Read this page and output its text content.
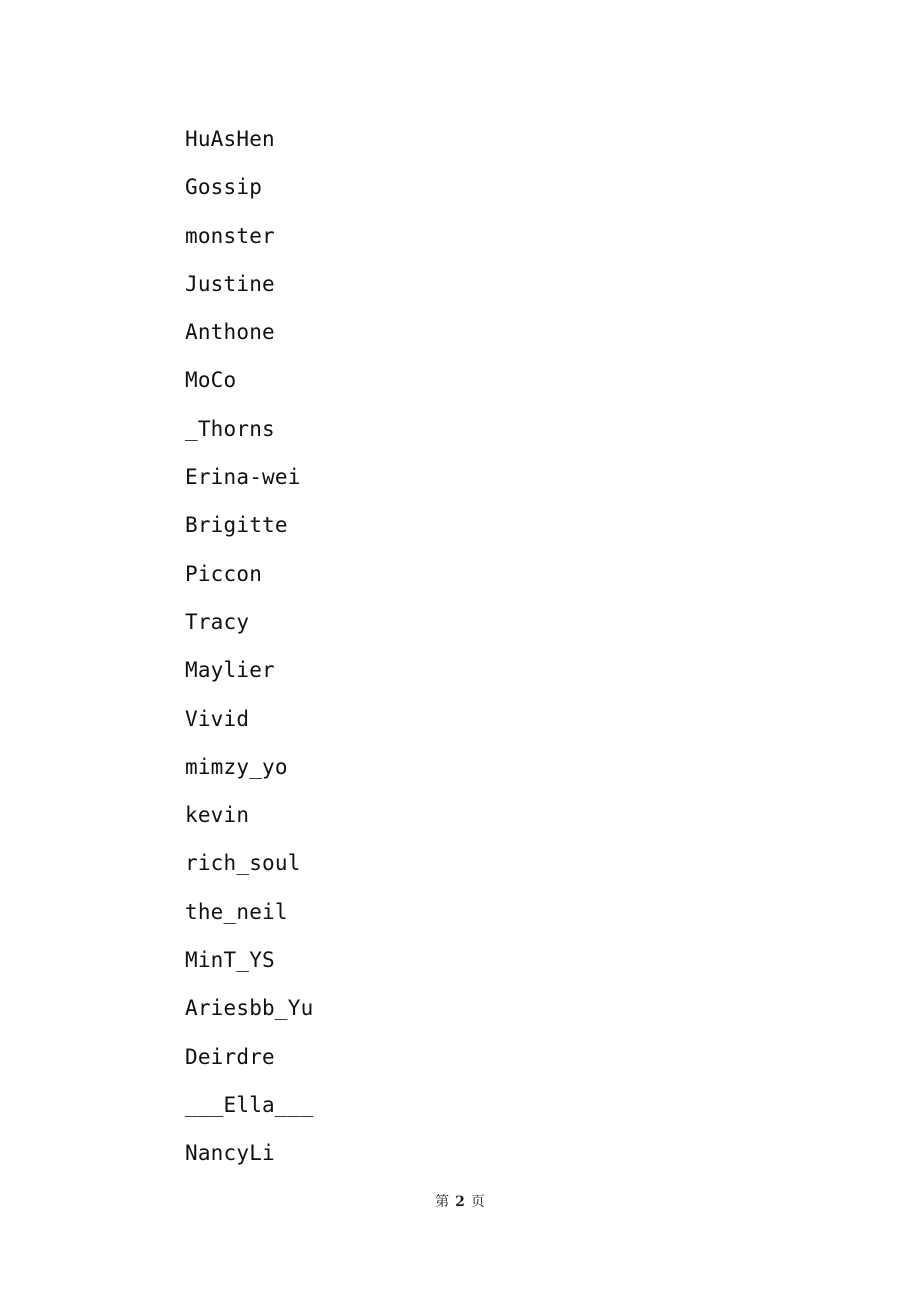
HuAsHen
Gossip
monster
Justine
Anthone
MoCo
_Thorns
Erina-wei
Brigitte
Piccon
Tracy
Maylier
Vivid
mimzy_yo
kevin
rich_soul
the_neil
MinT_YS
Ariesbb_Yu
Deirdre
___Ella___
NancyLi
第 2 页
